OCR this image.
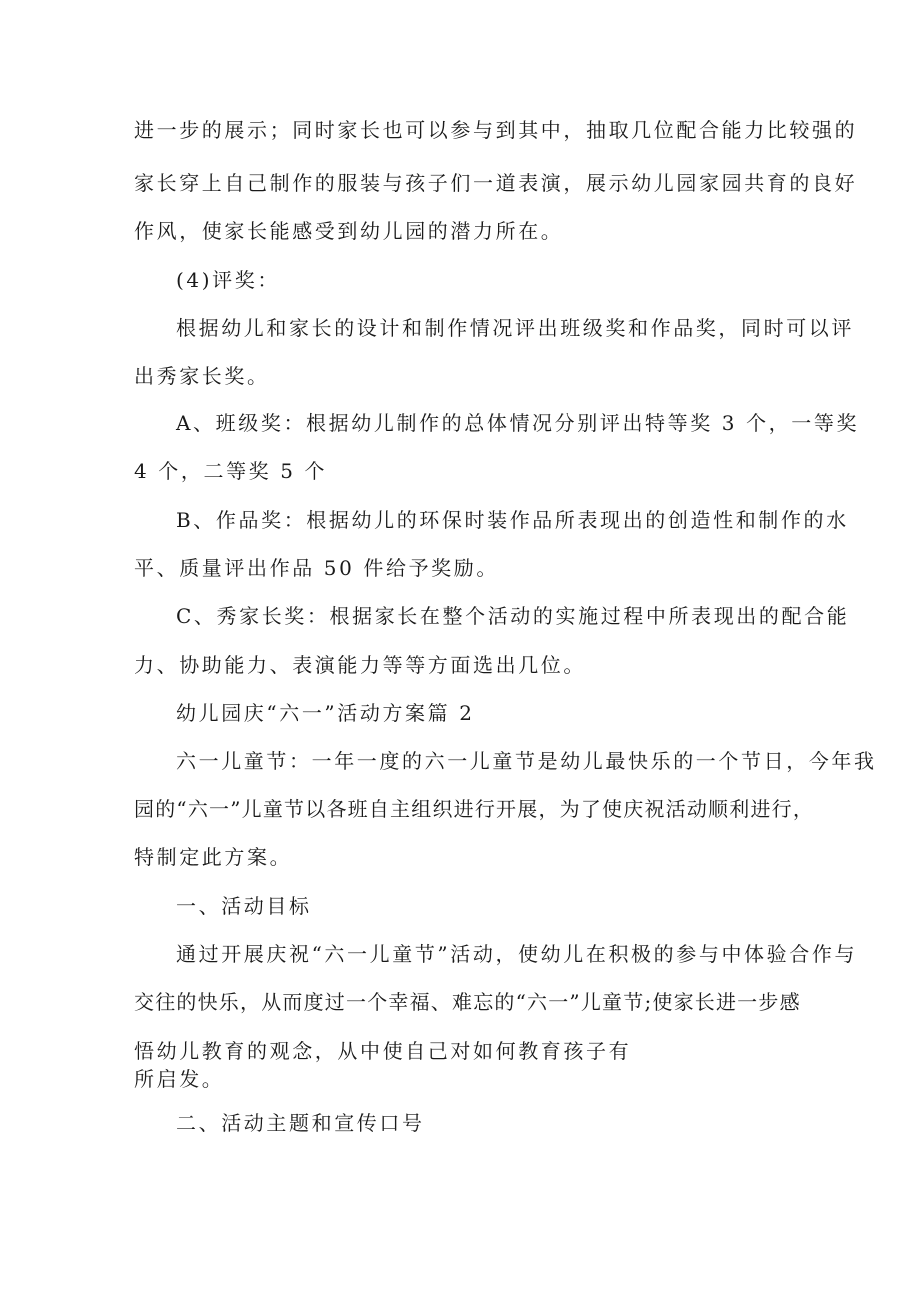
进一步的展示；同时家长也可以参与到其中，抽取几位配合能力比较强的
家长穿上自己制作的服装与孩子们一道表演，展示幼儿园家园共育的良好
作风，使家长能感受到幼儿园的潜力所在。
(4)评奖：
根据幼儿和家长的设计和制作情况评出班级奖和作品奖，同时可以评
出秀家长奖。
A、班级奖：根据幼儿制作的总体情况分别评出特等奖 3 个，一等奖
4 个，二等奖 5 个
B、作品奖：根据幼儿的环保时装作品所表现出的创造性和制作的水
平、质量评出作品 50 件给予奖励。
C、秀家长奖：根据家长在整个活动的实施过程中所表现出的配合能
力、协助能力、表演能力等等方面选出几位。
幼儿园庆“六一”活动方案篇 2
六一儿童节：一年一度的六一儿童节是幼儿最快乐的一个节日，今年我
园的“六一”儿童节以各班自主组织进行开展，为了使庆祝活动顺利进行，
特制定此方案。
一、活动目标
通过开展庆祝“六一儿童节”活动，使幼儿在积极的参与中体验合作与
交往的快乐，从而度过一个幸福、难忘的“六一”儿童节;使家长进一步感
悟幼儿教育的观念，从中使自己对如何教育孩子有
所启发。
二、活动主题和宣传口号
